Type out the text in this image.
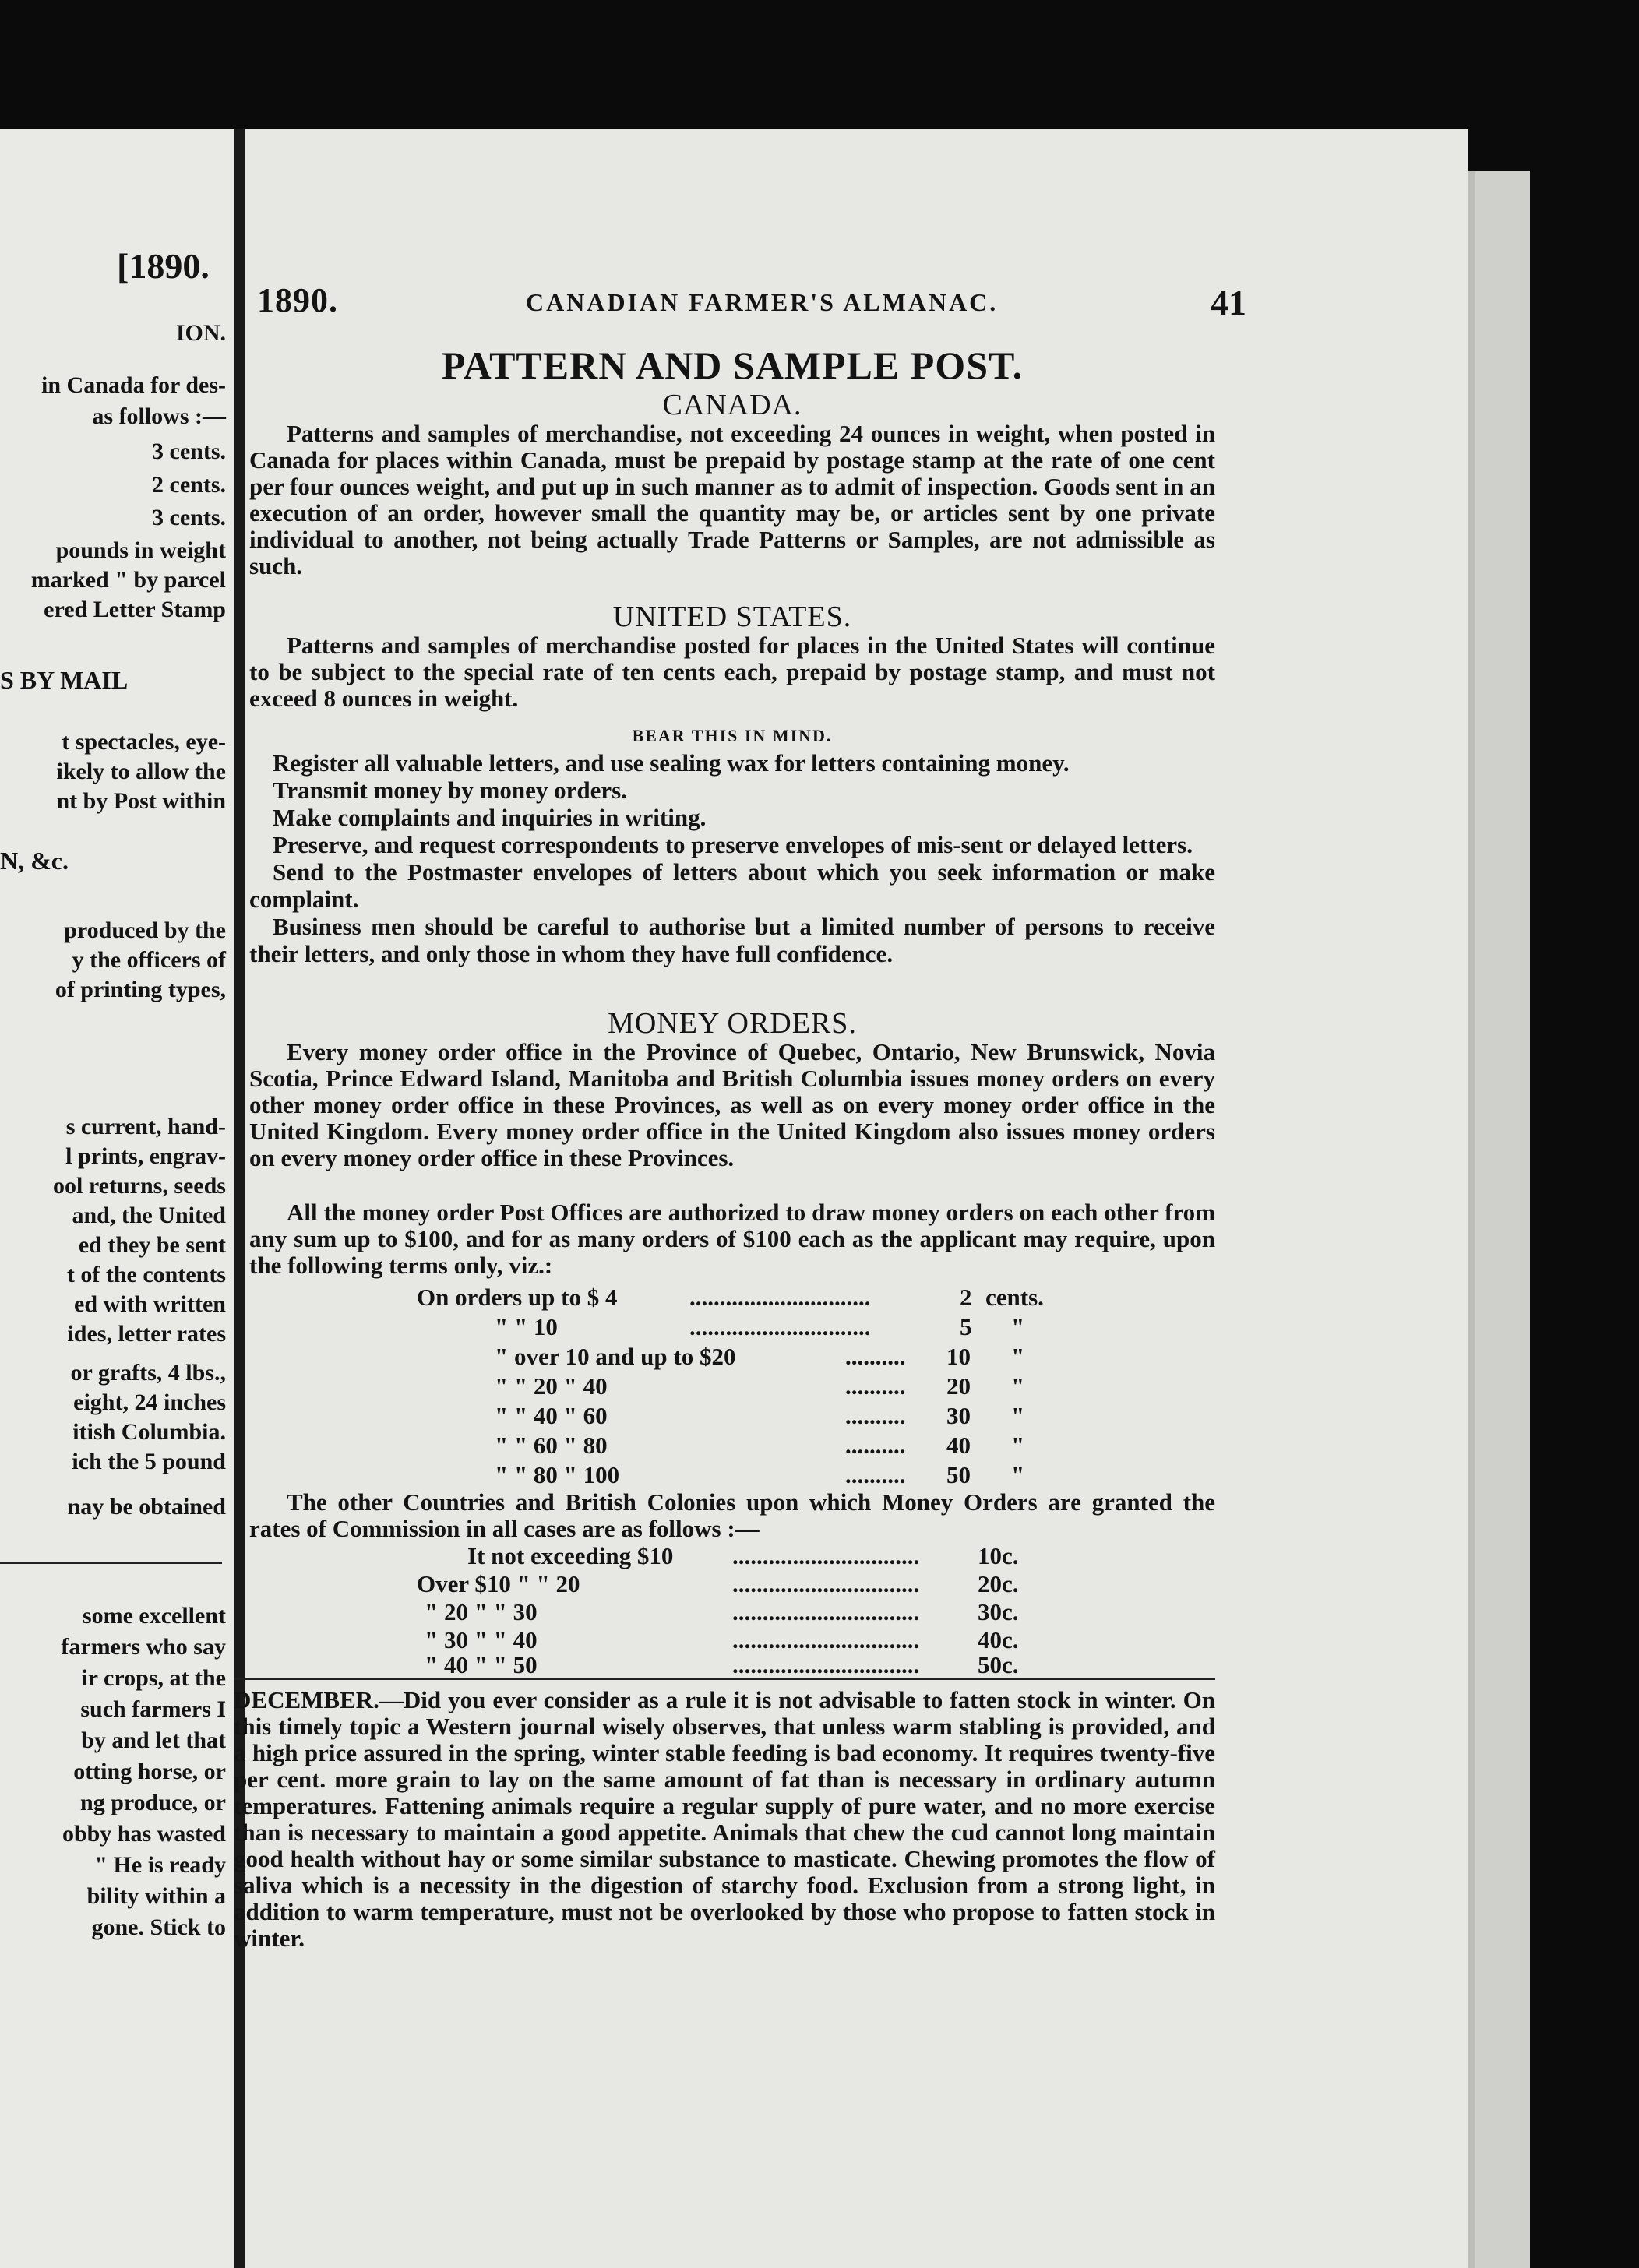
[1890.
ION.
in Canada for des-
as follows :—
3 cents.
2 cents.
3 cents.
pounds in weight
marked " by parcel
ered Letter Stamp
S BY MAIL
t spectacles, eye-
ikely to allow the
nt by Post within
N, &c.
produced by the
y the officers of
of printing types,
s current, hand-
l prints, engrav-
ool returns, seeds
and, the United
ed they be sent
t of the contents
ed with written
ides, letter rates
or grafts, 4 lbs.,
eight, 24 inches
itish Columbia.
ich the 5 pound
nay be obtained
some excellent
farmers who say
ir crops, at the
such farmers I
by and let that
otting horse, or
ng produce, or
obby has wasted
" He is ready
bility within a
gone. Stick to
1890.	CANADIAN FARMER'S ALMANAC.	41
PATTERN AND SAMPLE POST.
CANADA.

Patterns and samples of merchandise, not exceeding 24 ounces in weight, when posted in Canada for places within Canada, must be prepaid by postage stamp at the rate of one cent per four ounces weight, and put up in such manner as to admit of inspection. Goods sent in an execution of an order, however small the quantity may be, or articles sent by one private individual to another, not being actually Trade Patterns or Samples, are not admissible as such.

UNITED STATES.

Patterns and samples of merchandise posted for places in the United States will continue to be subject to the special rate of ten cents each, prepaid by postage stamp, and must not exceed 8 ounces in weight.

BEAR THIS IN MIND.

Register all valuable letters, and use sealing wax for letters containing money.

Transmit money by money orders.

Make complaints and inquiries in writing.

Preserve, and request correspondents to preserve envelopes of mis-sent or delayed letters.

Send to the Postmaster envelopes of letters about which you seek information or make complaint.

Business men should be careful to authorise but a limited number of persons to receive their letters, and only those in whom they have full confidence.

MONEY ORDERS.

Every money order office in the Province of Quebec, Ontario, New Brunswick, Novia Scotia, Prince Edward Island, Manitoba and British Columbia issues money orders on every other money order office in these Provinces, as well as on every money order office in the United Kingdom. Every money order office in the United Kingdom also issues money orders on every money order office in these Provinces.

All the money order Post Offices are authorized to draw money orders on each other from any sum up to $100, and for as many orders of $100 each as the applicant may require, upon the following terms only, viz.:

On orders up to $ 4	..............................	2 cents.
" " 10	..............................	5 "
" over 10 and up to $20	.......... 10 "
" " 20 " 40	.......... 20 "
" " 40 " 60	.......... 30 "
" " 60 " 80	.......... 40 "
" " 80 " 100	.......... 50 "

The other Countries and British Colonies upon which Money Orders are granted the rates of Commission in all cases are as follows :—

It not exceeding $10 ............................... 10c.
Over $10 " " 20	............................... 20c.
" 20 " " 30	............................... 30c.
" 30 " " 40	............................... 40c.
" 40 " " 50	............................... 50c.

DECEMBER.—Did you ever consider as a rule it is not advisable to fatten stock in winter. On this timely topic a Western journal wisely observes, that unless warm stabling is provided, and a high price assured in the spring, winter stable feeding is bad economy. It requires twenty-five per cent. more grain to lay on the same amount of fat than is necessary in ordinary autumn temperatures. Fattening animals require a regular supply of pure water, and no more exercise than is necessary to maintain a good appetite. Animals that chew the cud cannot long maintain good health without hay or some similar substance to masticate. Chewing promotes the flow of saliva which is a necessity in the digestion of starchy food. Exclusion from a strong light, in addition to warm temperature, must not be overlooked by those who propose to fatten stock in winter.
